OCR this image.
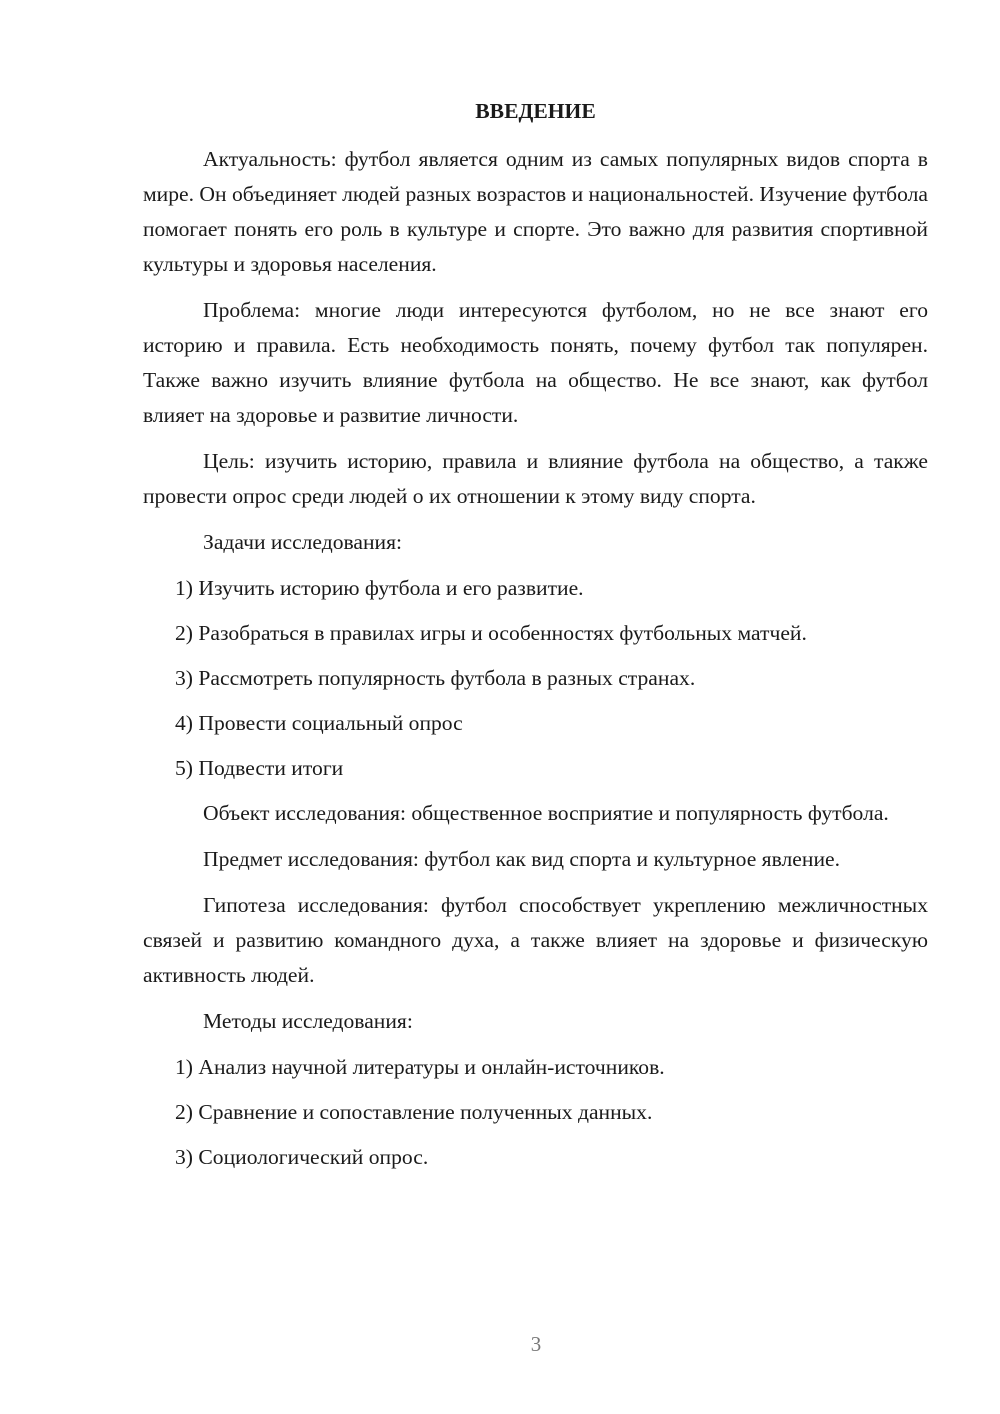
ВВЕДЕНИЕ

Актуальность: футбол является одним из самых популярных видов спорта в мире. Он объединяет людей разных возрастов и национальностей. Изучение футбола помогает понять его роль в культуре и спорте. Это важно для развития спортивной культуры и здоровья населения.

Проблема: многие люди интересуются футболом, но не все знают его историю и правила. Есть необходимость понять, почему футбол так популярен. Также важно изучить влияние футбола на общество. Не все знают, как футбол влияет на здоровье и развитие личности.

Цель: изучить историю, правила и влияние футбола на общество, а также провести опрос среди людей о их отношении к этому виду спорта.

Задачи исследования:

1) Изучить историю футбола и его развитие.

2) Разобраться в правилах игры и особенностях футбольных матчей.

3) Рассмотреть популярность футбола в разных странах.

4) Провести социальный опрос

5) Подвести итоги

Объект исследования: общественное восприятие и популярность футбола.

Предмет исследования: футбол как вид спорта и культурное явление.

Гипотеза исследования: футбол способствует укреплению межличностных связей и развитию командного духа, а также влияет на здоровье и физическую активность людей.

Методы исследования:

1) Анализ научной литературы и онлайн-источников.

2) Сравнение и сопоставление полученных данных.

3) Социологический опрос.

3
